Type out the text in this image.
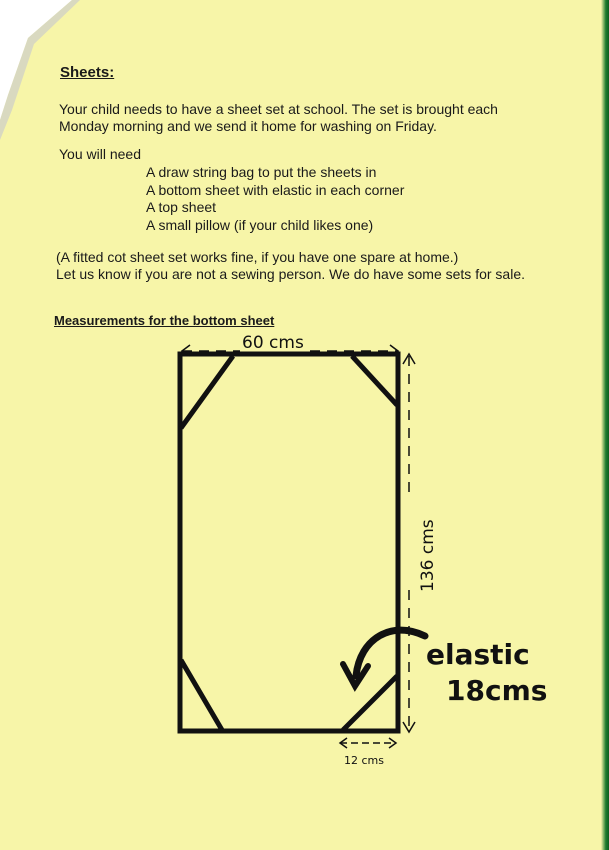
60 cms
136 cms
12 cms
elastic
18cms
Sheets:
Your child needs to have a sheet set at school. The set is brought each
Monday morning and we send it home for washing on Friday.
You will need
A draw string bag to put the sheets in
A bottom sheet with elastic in each corner
A top sheet
A small pillow (if your child likes one)
(A fitted cot sheet set works fine, if you have one spare at home.)
Let us know if you are not a sewing person. We do have some sets for sale.
Measurements for the bottom sheet
